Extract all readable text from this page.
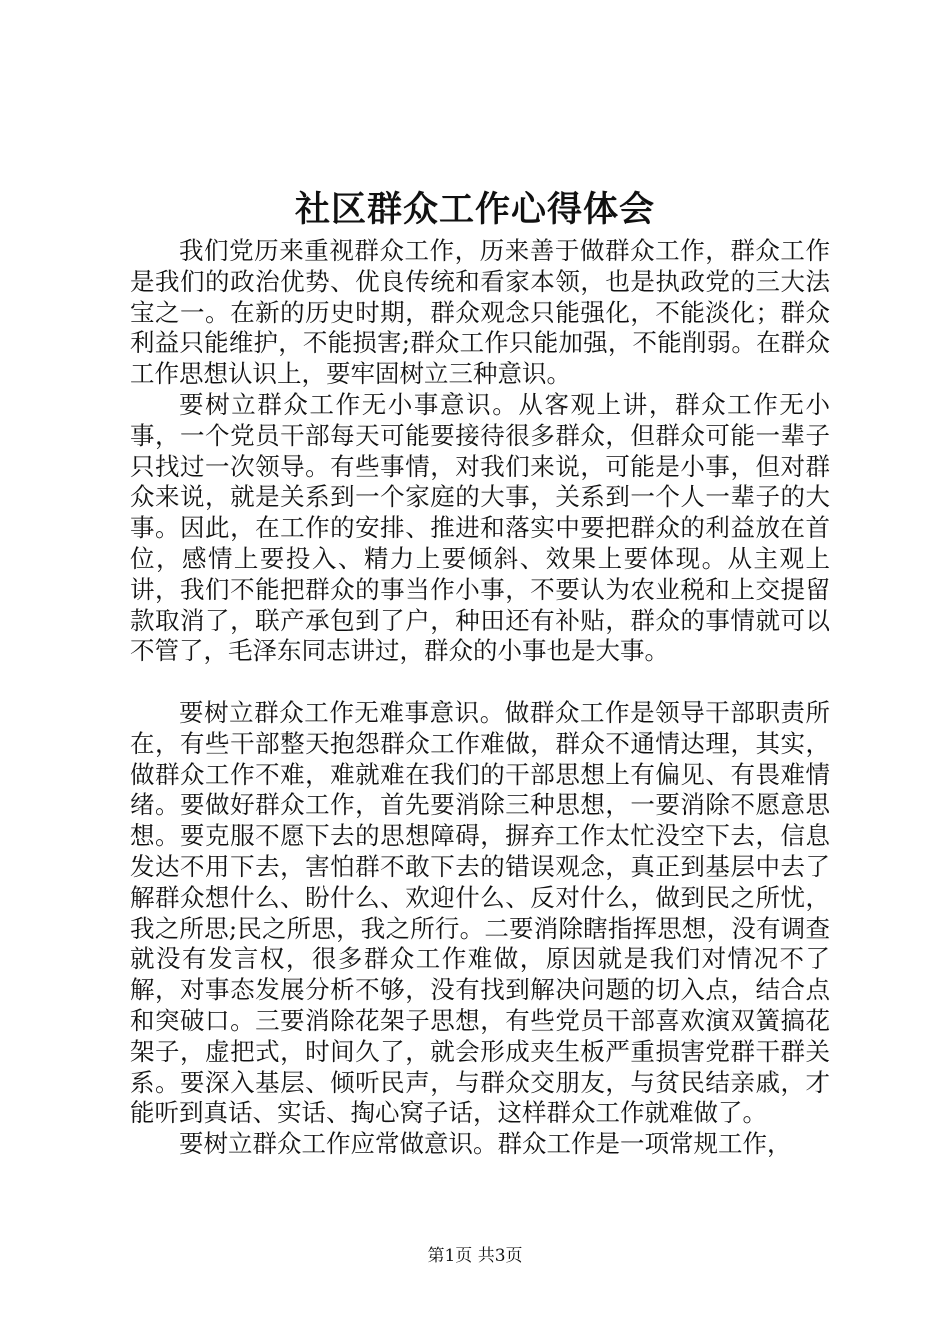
社区群众工作心得体会

我们党历来重视群众工作，历来善于做群众工作，群众工作是我们的政治优势、优良传统和看家本领，也是执政党的三大法宝之一。在新的历史时期，群众观念只能强化，不能淡化；群众利益只能维护，不能损害;群众工作只能加强，不能削弱。在群众工作思想认识上，要牢固树立三种意识。

要树立群众工作无小事意识。从客观上讲，群众工作无小事，一个党员干部每天可能要接待很多群众，但群众可能一辈子只找过一次领导。有些事情，对我们来说，可能是小事，但对群众来说，就是关系到一个家庭的大事，关系到一个人一辈子的大事。因此，在工作的安排、推进和落实中要把群众的利益放在首位，感情上要投入、精力上要倾斜、效果上要体现。从主观上讲，我们不能把群众的事当作小事，不要认为农业税和上交提留款取消了，联产承包到了户，种田还有补贴，群众的事情就可以不管了，毛泽东同志讲过，群众的小事也是大事。

要树立群众工作无难事意识。做群众工作是领导干部职责所在，有些干部整天抱怨群众工作难做，群众不通情达理，其实，做群众工作不难，难就难在我们的干部思想上有偏见、有畏难情绪。要做好群众工作，首先要消除三种思想，一要消除不愿意思想。要克服不愿下去的思想障碍，摒弃工作太忙没空下去，信息发达不用下去，害怕群不敢下去的错误观念，真正到基层中去了解群众想什么、盼什么、欢迎什么、反对什么，做到民之所忧，我之所思;民之所思，我之所行。二要消除瞎指挥思想，没有调查就没有发言权，很多群众工作难做，原因就是我们对情况不了解，对事态发展分析不够，没有找到解决问题的切入点，结合点和突破口。三要消除花架子思想，有些党员干部喜欢演双簧搞花架子，虚把式，时间久了，就会形成夹生板严重损害党群干群关系。要深入基层、倾听民声，与群众交朋友，与贫民结亲戚，才能听到真话、实话、掏心窝子话，这样群众工作就难做了。

要树立群众工作应常做意识。群众工作是一项常规工作，

第1页 共3页
